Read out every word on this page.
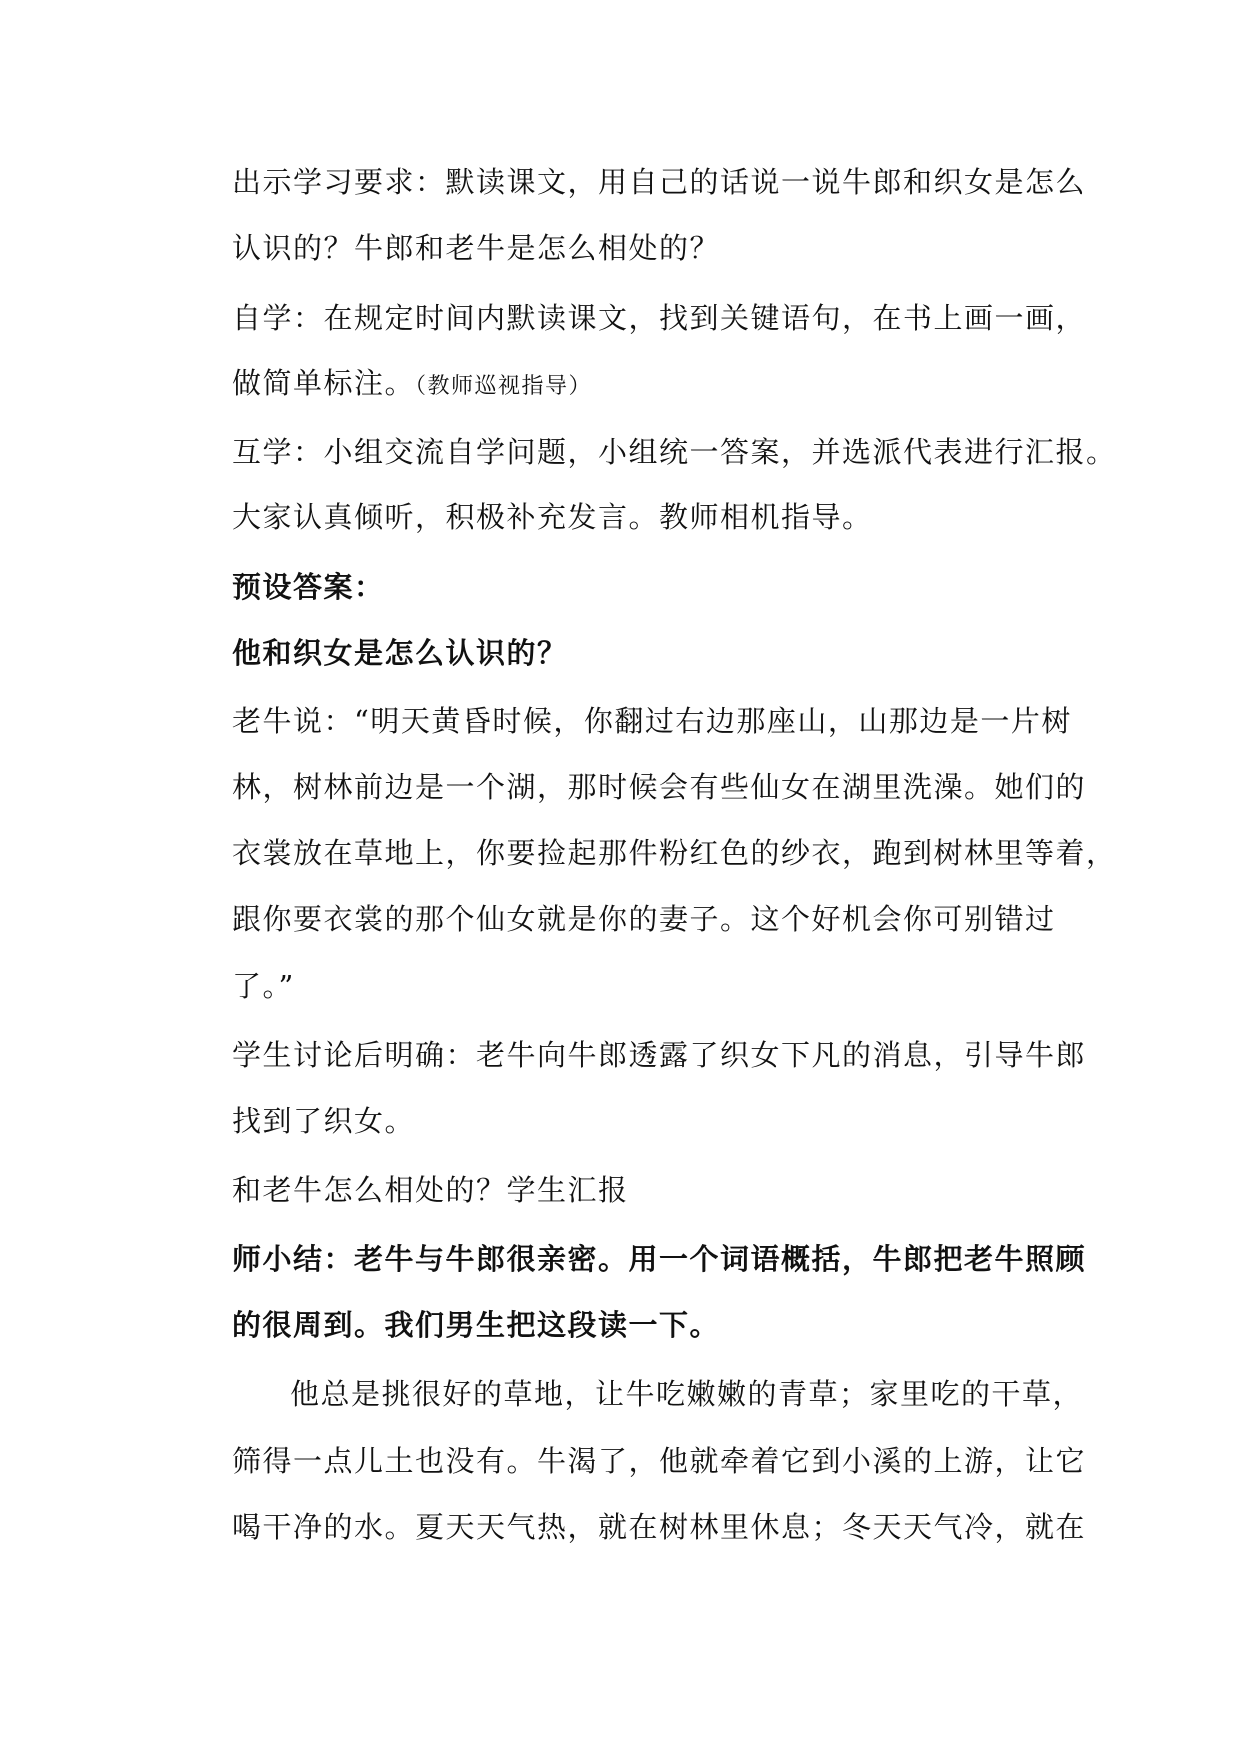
出示学习要求：默读课文，用自己的话说一说牛郎和织女是怎么
认识的？牛郎和老牛是怎么相处的？
自学：在规定时间内默读课文，找到关键语句，在书上画一画，
做简单标注。（教师巡视指导）
互学：小组交流自学问题，小组统一答案，并选派代表进行汇报。
大家认真倾听，积极补充发言。教师相机指导。
预设答案：
他和织女是怎么认识的？
老牛说：“明天黄昏时候，你翻过右边那座山，山那边是一片树
林，树林前边是一个湖，那时候会有些仙女在湖里洗澡。她们的
衣裳放在草地上，你要捡起那件粉红色的纱衣，跑到树林里等着，
跟你要衣裳的那个仙女就是你的妻子。这个好机会你可别错过
了。”
学生讨论后明确：老牛向牛郎透露了织女下凡的消息，引导牛郎
找到了织女。
和老牛怎么相处的？学生汇报
师小结：老牛与牛郎很亲密。用一个词语概括，牛郎把老牛照顾
的很周到。我们男生把这段读一下。
他总是挑很好的草地，让牛吃嫩嫩的青草；家里吃的干草，
筛得一点儿土也没有。牛渴了，他就牵着它到小溪的上游，让它
喝干净的水。夏天天气热，就在树林里休息；冬天天气冷，就在
